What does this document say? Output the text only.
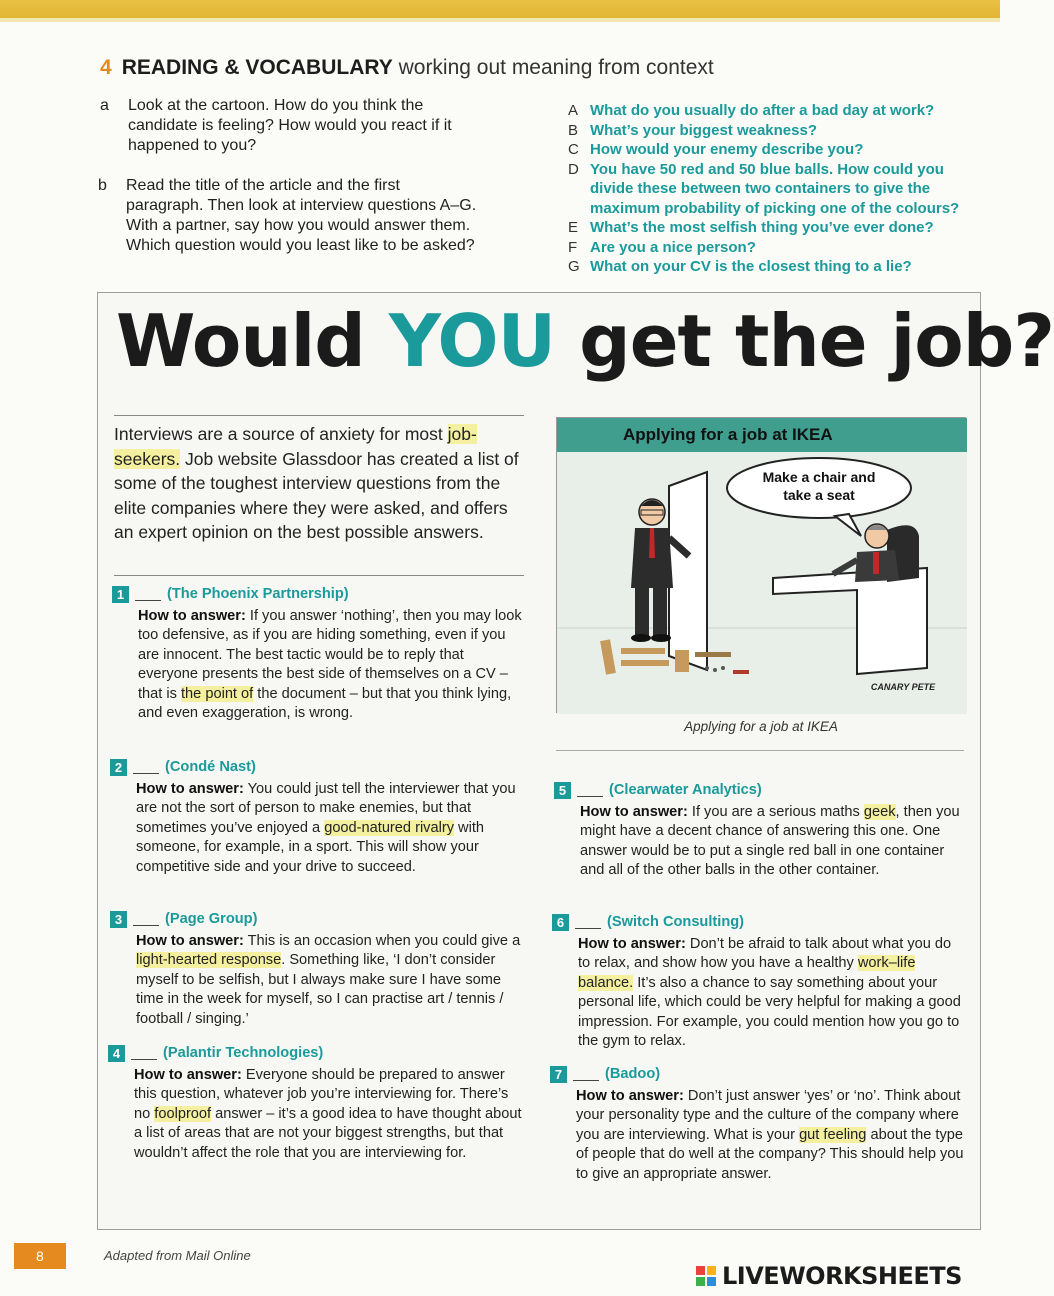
4 READING & VOCABULARY working out meaning from context
a Look at the cartoon. How do you think the
candidate is feeling? How would you react if it
happened to you?
b Read the title of the article and the first
paragraph. Then look at interview questions A–G.
With a partner, say how you would answer them.
Which question would you least like to be asked?
A What do you usually do after a bad day at work?
B What’s your biggest weakness?
C How would your enemy describe you?
D You have 50 red and 50 blue balls. How could you
divide these between two containers to give the
maximum probability of picking one of the colours?
E What’s the most selfish thing you’ve ever done?
F Are you a nice person?
G What on your CV is the closest thing to a lie?
Would YOU get the job?
Interviews are a source of anxiety for most job-seekers. Job website Glassdoor has created a list of some of the toughest interview questions from the elite companies where they were asked, and offers an expert opinion on the best possible answers.
1	(The Phoenix Partnership)
How to answer: If you answer ‘nothing’, then you may look too defensive, as if you are hiding something, even if you are innocent. The best tactic would be to reply that everyone presents the best side of themselves on a CV – that is the point of the document – but that you think lying, and even exaggeration, is wrong.
2	(Condé Nast)
How to answer: You could just tell the interviewer that you are not the sort of person to make enemies, but that sometimes you’ve enjoyed a good-natured rivalry with someone, for example, in a sport. This will show your competitive side and your drive to succeed.
3	(Page Group)
How to answer: This is an occasion when you could give a light-hearted response. Something like, ‘I don’t consider myself to be selfish, but I always make sure I have some time in the week for myself, so I can practise art / tennis / football / singing.’
4	(Palantir Technologies)
How to answer: Everyone should be prepared to answer this question, whatever job you’re interviewing for. There’s no foolproof answer – it’s a good idea to have thought about a list of areas that are not your biggest strengths, but that wouldn’t affect the role that you are interviewing for.
Applying for a job at IKEA
Make a chair and
take a seat
CANARY PETE
Applying for a job at IKEA
5	(Clearwater Analytics)
How to answer: If you are a serious maths geek, then you might have a decent chance of answering this one. One answer would be to put a single red ball in one container and all of the other balls in the other container.
6	(Switch Consulting)
How to answer: Don’t be afraid to talk about what you do to relax, and show how you have a healthy work–life balance. It’s also a chance to say something about your personal life, which could be very helpful for making a good impression. For example, you could mention how you go to the gym to relax.
7	(Badoo)
How to answer: Don’t just answer ‘yes’ or ‘no’. Think about your personality type and the culture of the company where you are interviewing. What is your gut feeling about the type of people that do well at the company? This should help you to give an appropriate answer.
8	Adapted from Mail Online
LIVEWORKSHEETS
